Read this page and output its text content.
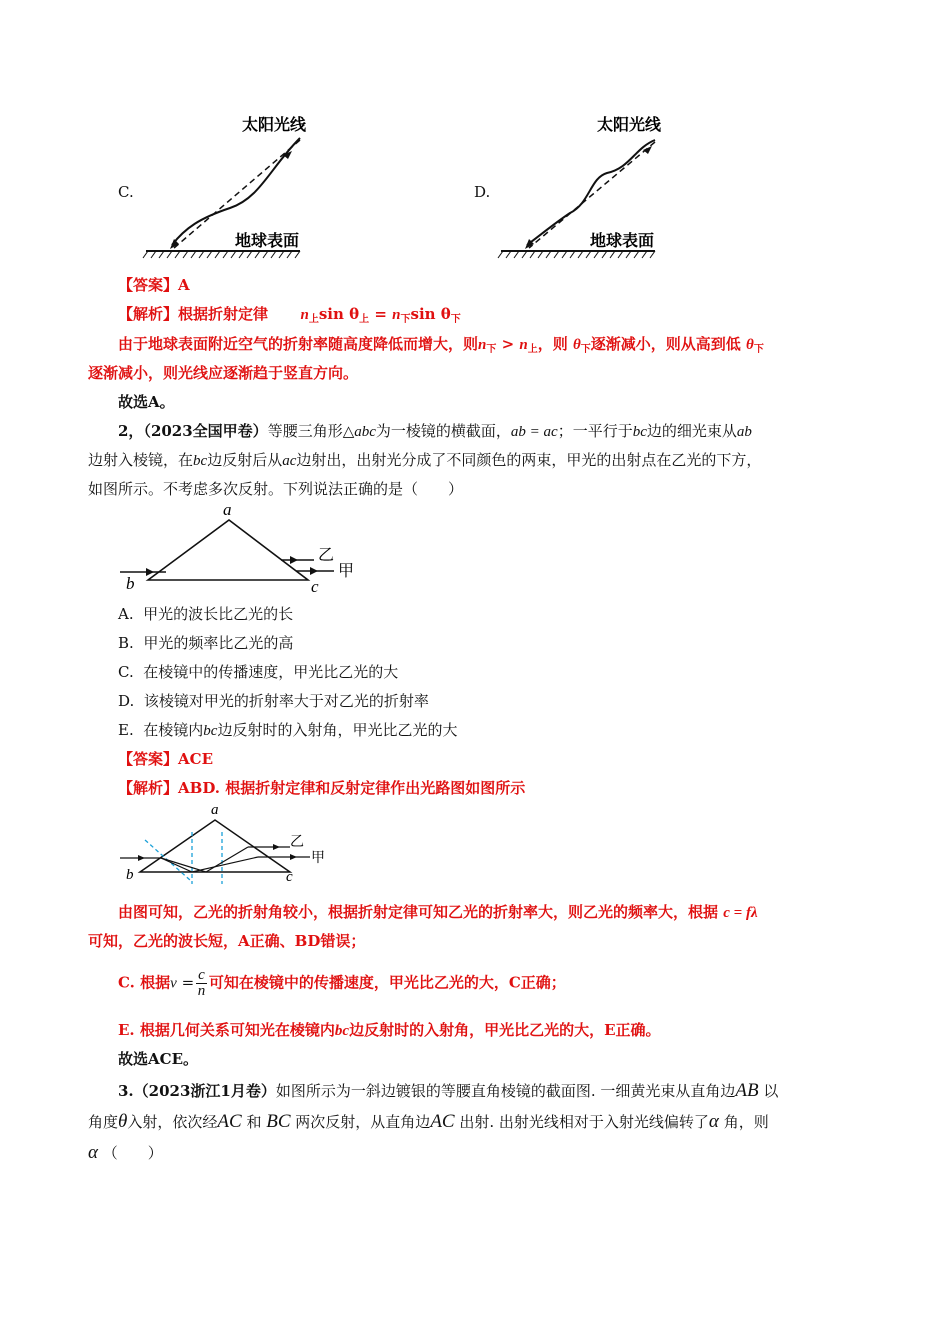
C.
太阳光线
地球表面
D.
太阳光线
地球表面
【答案】A
【解析】根据折射定律 $n_上\sin$ $\theta_上 = n_下\sin$ $\theta_下$
由于地球表面附近空气的折射率随高度降低而增大，则$n_下 > n_上$，则 $\theta_下$逐渐减小，则从高到低 $\theta_下$
逐渐减小，则光线应逐渐趋于竖直方向。
故选A。
2，（2023全国甲卷）等腰三角形△abc为一棱镜的横截面，ab = ac；一平行于bc边的细光束从ab
边射入棱镜，在bc边反射后从ac边射出，出射光分成了不同颜色的两束，甲光的出射点在乙光的下方，
如图所示。不考虑多次反射。下列说法正确的是（　　）
a
b	c
乙
甲
A. 甲光的波长比乙光的长
B. 甲光的频率比乙光的高
C. 在棱镜中的传播速度，甲光比乙光的大
D. 该棱镜对甲光的折射率大于对乙光的折射率
E. 在棱镜内bc边反射时的入射角，甲光比乙光的大
【答案】ACE
【解析】ABD. 根据折射定律和反射定律作出光路图如图所示
a
b	c
乙
甲
由图可知，乙光的折射角较小，根据折射定律可知乙光的折射率大，则乙光的频率大，根据 c = fλ
可知，乙光的波长短，A正确、BD错误；
C. 根据$v = \frac{c}{n}$ 可知在棱镜中的传播速度，甲光比乙光的大，C正确；
E. 根据几何关系可知光在棱镜内bc边反射时的入射角，甲光比乙光的大，E正确。
故选ACE。
3.（2023浙江1月卷）如图所示为一斜边镀银的等腰直角棱镜的截面图. 一细黄光束从直角边AB 以
角度θ入射，依次经AC 和 BC 两次反射，从直角边AC 出射. 出射光线相对于入射光线偏转了α 角，则
α （　　）
